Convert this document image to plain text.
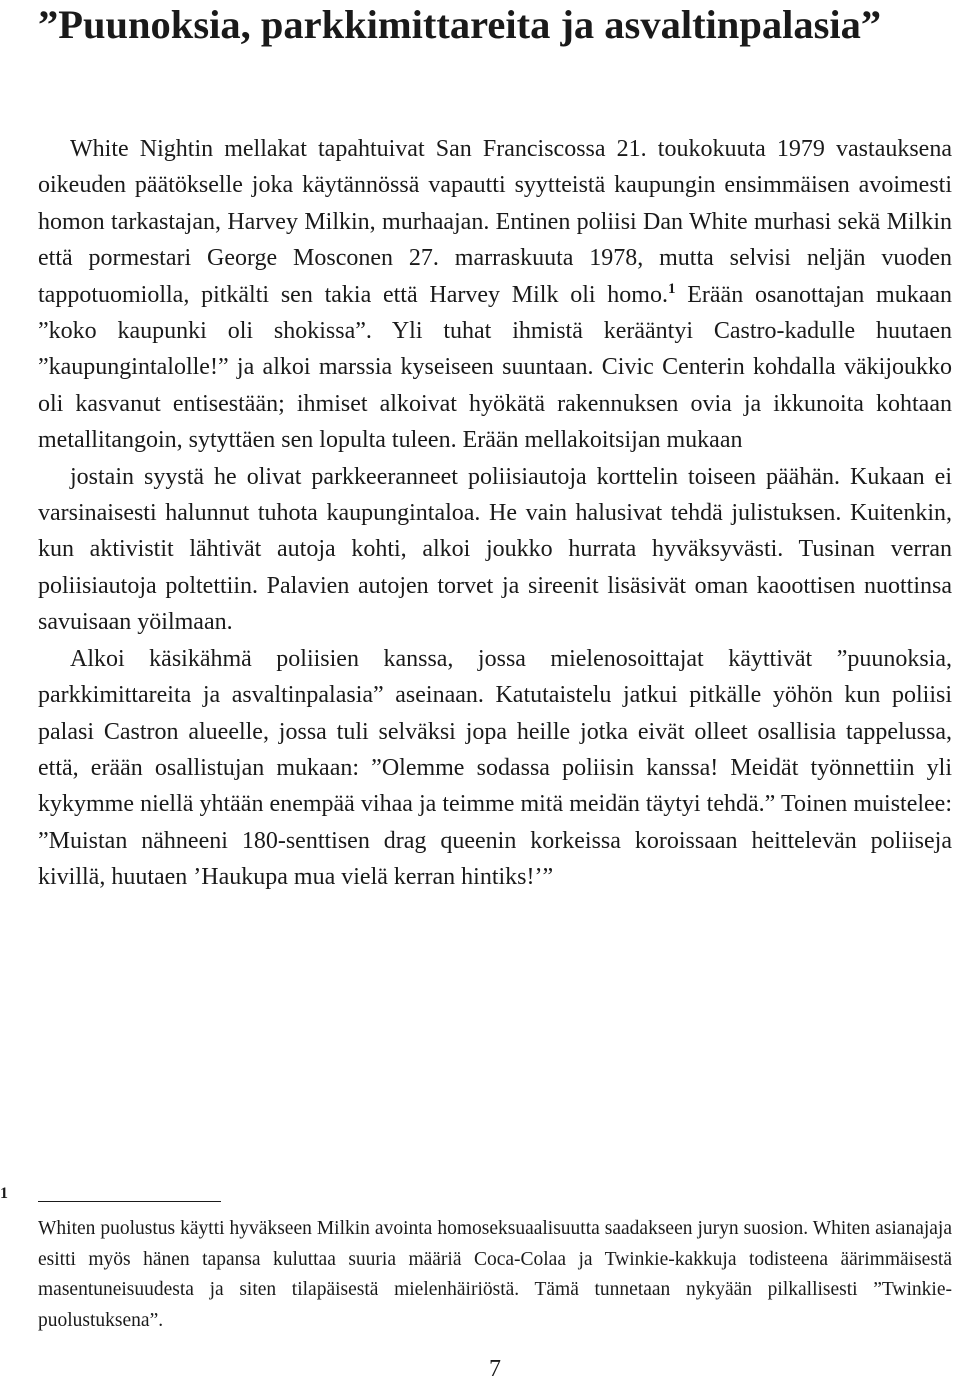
”Puunoksia, parkkimittareita ja asvaltinpalasia”

White Nightin mellakat tapahtuivat San Franciscossa 21. toukokuuta 1979 vastauksena oikeuden päätökselle joka käytännössä vapautti syytteistä kaupungin ensimmäisen avoimesti homon tarkastajan, Harvey Milkin, murhaajan. Entinen poliisi Dan White murhasi sekä Milkin että pormestari George Mosconen 27. marraskuuta 1978, mutta selvisi neljän vuoden tappotuomiolla, pitkälti sen takia että Harvey Milk oli homo.$^1$ Erään osanottajan mukaan ”koko kaupunki oli shokissa”. Yli tuhat ihmistä kerääntyi Castro-kadulle huutaen ”kaupungintalolle!” ja alkoi marssia kyseiseen suuntaan. Civic Centerin kohdalla väkijoukko oli kasvanut entisestään; ihmiset alkoivat hyökätä rakennuksen ovia ja ikkunoita kohtaan metallitangoin, sytyttäen sen lopulta tuleen. Erään mellakoitsijan mukaan

jostain syystä he olivat parkkeeranneet poliisiautoja korttelin toiseen päähän. Kukaan ei varsinaisesti halunnut tuhota kaupungintaloa. He vain halusivat tehdä julistuksen. Kuitenkin, kun aktivistit lähtivät autoja kohti, alkoi joukko hurrata hyväksyvästi. Tusinan verran poliisiautoja poltettiin. Palavien autojen torvet ja sireenit lisäsivät oman kaoottisen nuottinsa savuisaan yöilmaan.

Alkoi käsikähmä poliisien kanssa, jossa mielenosoittajat käyttivät ”puunoksia, parkkimittareita ja asvaltinpalasia” aseinaan. Katutaistelu jatkui pitkälle yöhön kun poliisi palasi Castron alueelle, jossa tuli selväksi jopa heille jotka eivät olleet osallisia tappelussa, että, erään osallistujan mukaan: ”Olemme sodassa poliisin kanssa! Meidät työnnettiin yli kykymme niellä yhtään enempää vihaa ja teimme mitä meidän täytyi tehdä.” Toinen muistelee: ”Muistan nähneeni 180-senttisen drag queenin korkeissa koroissaan heittelevän poliiseja kivillä, huutaen ’Haukupa mua vielä kerran hintiks!’”

1
Whiten puolustus käytti hyväkseen Milkin avointa homoseksuaalisuutta saadakseen juryn suosion. Whiten asianajaja esitti myös hänen tapansa kuluttaa suuria määriä Coca-Colaa ja Twinkie-kakkuja todisteena äärimmäisestä masentuneisuudesta ja siten tilapäisestä mielenhäiriöstä. Tämä tunnetaan nykyään pilkallisesti ”Twinkie-puolustuksena”.
7
